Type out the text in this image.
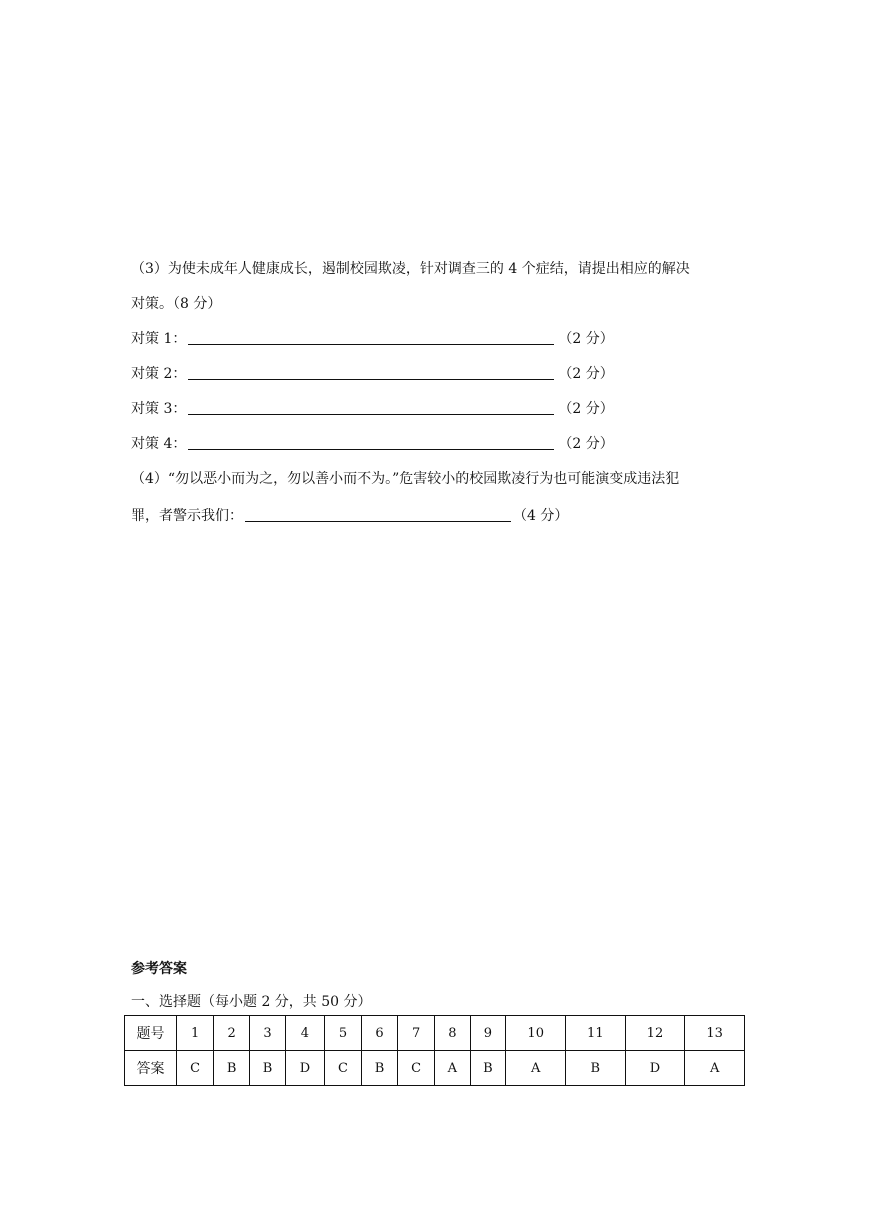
（3）为使未成年人健康成长，遏制校园欺凌，针对调查三的 4 个症结，请提出相应的解决
对策。（8 分）
对策 1：	（2 分）
对策 2：	（2 分）
对策 3：	（2 分）
对策 4：	（2 分）
（4）“勿以恶小而为之，勿以善小而不为。”危害较小的校园欺凌行为也可能演变成违法犯
罪，者警示我们：	（4 分）
参考答案
一、选择题（每小题 2 分，共 50 分）
题号	1	2	3	4	5	6	7	8	9	10	11	12	13
答案	C	B	B	D	C	B	C	A	B	A	B	D	A
